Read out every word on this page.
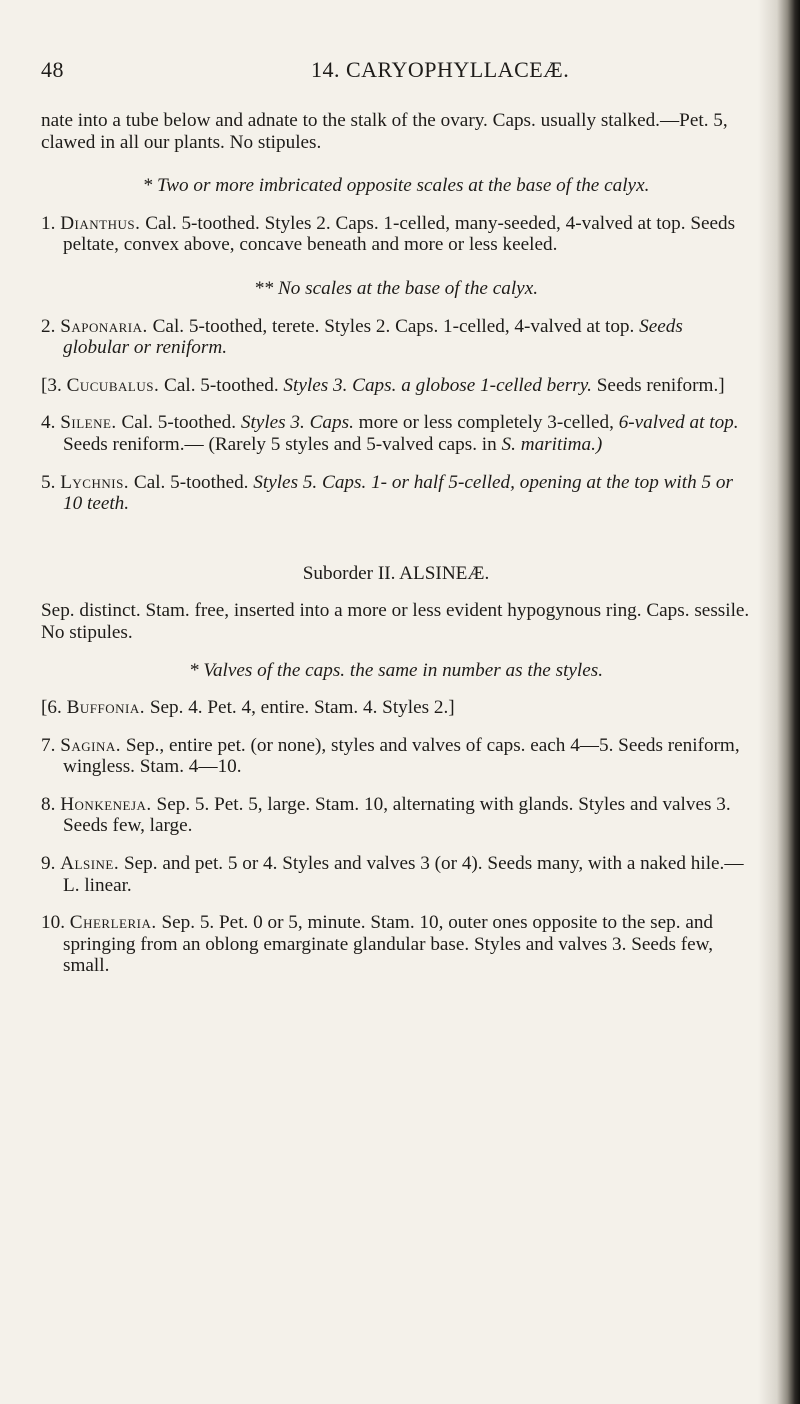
48	14. CARYOPHYLLACEÆ.

nate into a tube below and adnate to the stalk of the ovary. Caps. usually stalked.—Pet. 5, clawed in all our plants. No stipules.

* Two or more imbricated opposite scales at the base of the calyx.

1. Dianthus. Cal. 5-toothed. Styles 2. Caps. 1-celled, many-seeded, 4-valved at top. Seeds peltate, convex above, concave beneath and more or less keeled.

** No scales at the base of the calyx.

2. Saponaria. Cal. 5-toothed, terete. Styles 2. Caps. 1-celled, 4-valved at top. Seeds globular or reniform.

[3. Cucubalus. Cal. 5-toothed. Styles 3. Caps. a globose 1-celled berry. Seeds reniform.]

4. Silene. Cal. 5-toothed. Styles 3. Caps. more or less completely 3-celled, 6-valved at top. Seeds reniform.— (Rarely 5 styles and 5-valved caps. in S. maritima.)

5. Lychnis. Cal. 5-toothed. Styles 5. Caps. 1- or half 5-celled, opening at the top with 5 or 10 teeth.

Suborder II. ALSINEÆ.

Sep. distinct. Stam. free, inserted into a more or less evident hypogynous ring. Caps. sessile. No stipules.

* Valves of the caps. the same in number as the styles.

[6. Buffonia. Sep. 4. Pet. 4, entire. Stam. 4. Styles 2.]

7. Sagina. Sep., entire pet. (or none), styles and valves of caps. each 4—5. Seeds reniform, wingless. Stam. 4—10.

8. Honkeneja. Sep. 5. Pet. 5, large. Stam. 10, alternating with glands. Styles and valves 3. Seeds few, large.

9. Alsine. Sep. and pet. 5 or 4. Styles and valves 3 (or 4). Seeds many, with a naked hile.—L. linear.

10. Cherleria. Sep. 5. Pet. 0 or 5, minute. Stam. 10, outer ones opposite to the sep. and springing from an oblong emarginate glandular base. Styles and valves 3. Seeds few, small.
